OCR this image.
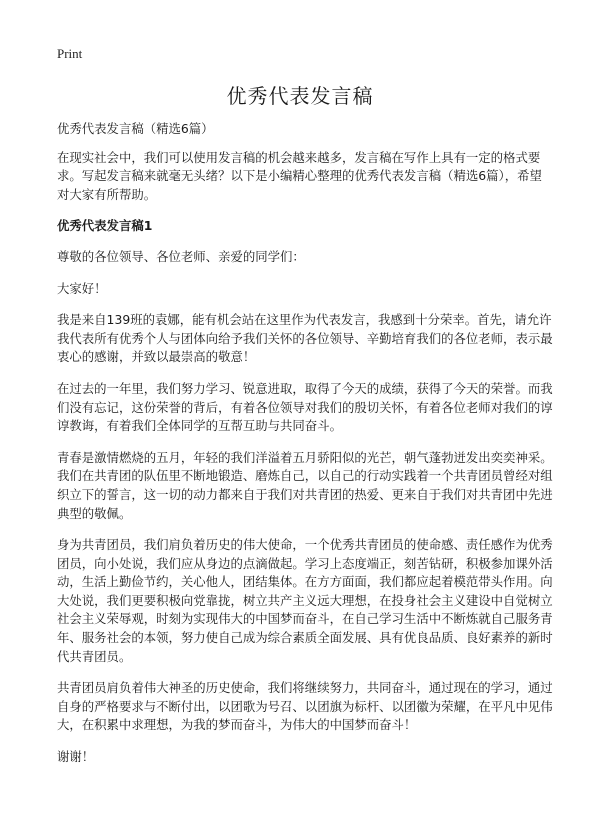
Print
优秀代表发言稿

优秀代表发言稿（精选6篇）

在现实社会中，我们可以使用发言稿的机会越来越多，发言稿在写作上具有一定的格式要求。写起发言稿来就毫无头绪？以下是小编精心整理的优秀代表发言稿（精选6篇），希望对大家有所帮助。

优秀代表发言稿1

尊敬的各位领导、各位老师、亲爱的同学们：

大家好！

我是来自139班的袁娜，能有机会站在这里作为代表发言，我感到十分荣幸。首先，请允许我代表所有优秀个人与团体向给予我们关怀的各位领导、辛勤培育我们的各位老师，表示最衷心的感谢，并致以最崇高的敬意！

在过去的一年里，我们努力学习、锐意进取，取得了今天的成绩，获得了今天的荣誉。而我们没有忘记，这份荣誉的背后，有着各位领导对我们的殷切关怀，有着各位老师对我们的谆谆教诲，有着我们全体同学的互帮互助与共同奋斗。

青春是激情燃烧的五月，年轻的我们洋溢着五月骄阳似的光芒，朝气蓬勃迸发出奕奕神采。我们在共青团的队伍里不断地锻造、磨炼自己，以自己的行动实践着一个共青团员曾经对组织立下的誓言，这一切的动力都来自于我们对共青团的热爱、更来自于我们对共青团中先进典型的敬佩。

身为共青团员，我们肩负着历史的伟大使命，一个优秀共青团员的使命感、责任感作为优秀团员，向小处说，我们应从身边的点滴做起。学习上态度端正，刻苦钻研，积极参加课外活动，生活上勤俭节约，关心他人，团结集体。在方方面面，我们都应起着模范带头作用。向大处说，我们更要积极向党靠拢，树立共产主义远大理想，在投身社会主义建设中自觉树立社会主义荣辱观，时刻为实现伟大的中国梦而奋斗，在自己学习生活中不断炼就自己服务青年、服务社会的本领，努力使自己成为综合素质全面发展、具有优良品质、良好素养的新时代共青团员。

共青团员肩负着伟大神圣的历史使命，我们将继续努力，共同奋斗，通过现在的学习，通过自身的严格要求与不断付出，以团歌为号召、以团旗为标杆、以团徽为荣耀，在平凡中见伟大，在积累中求理想，为我的梦而奋斗，为伟大的中国梦而奋斗！

谢谢！
